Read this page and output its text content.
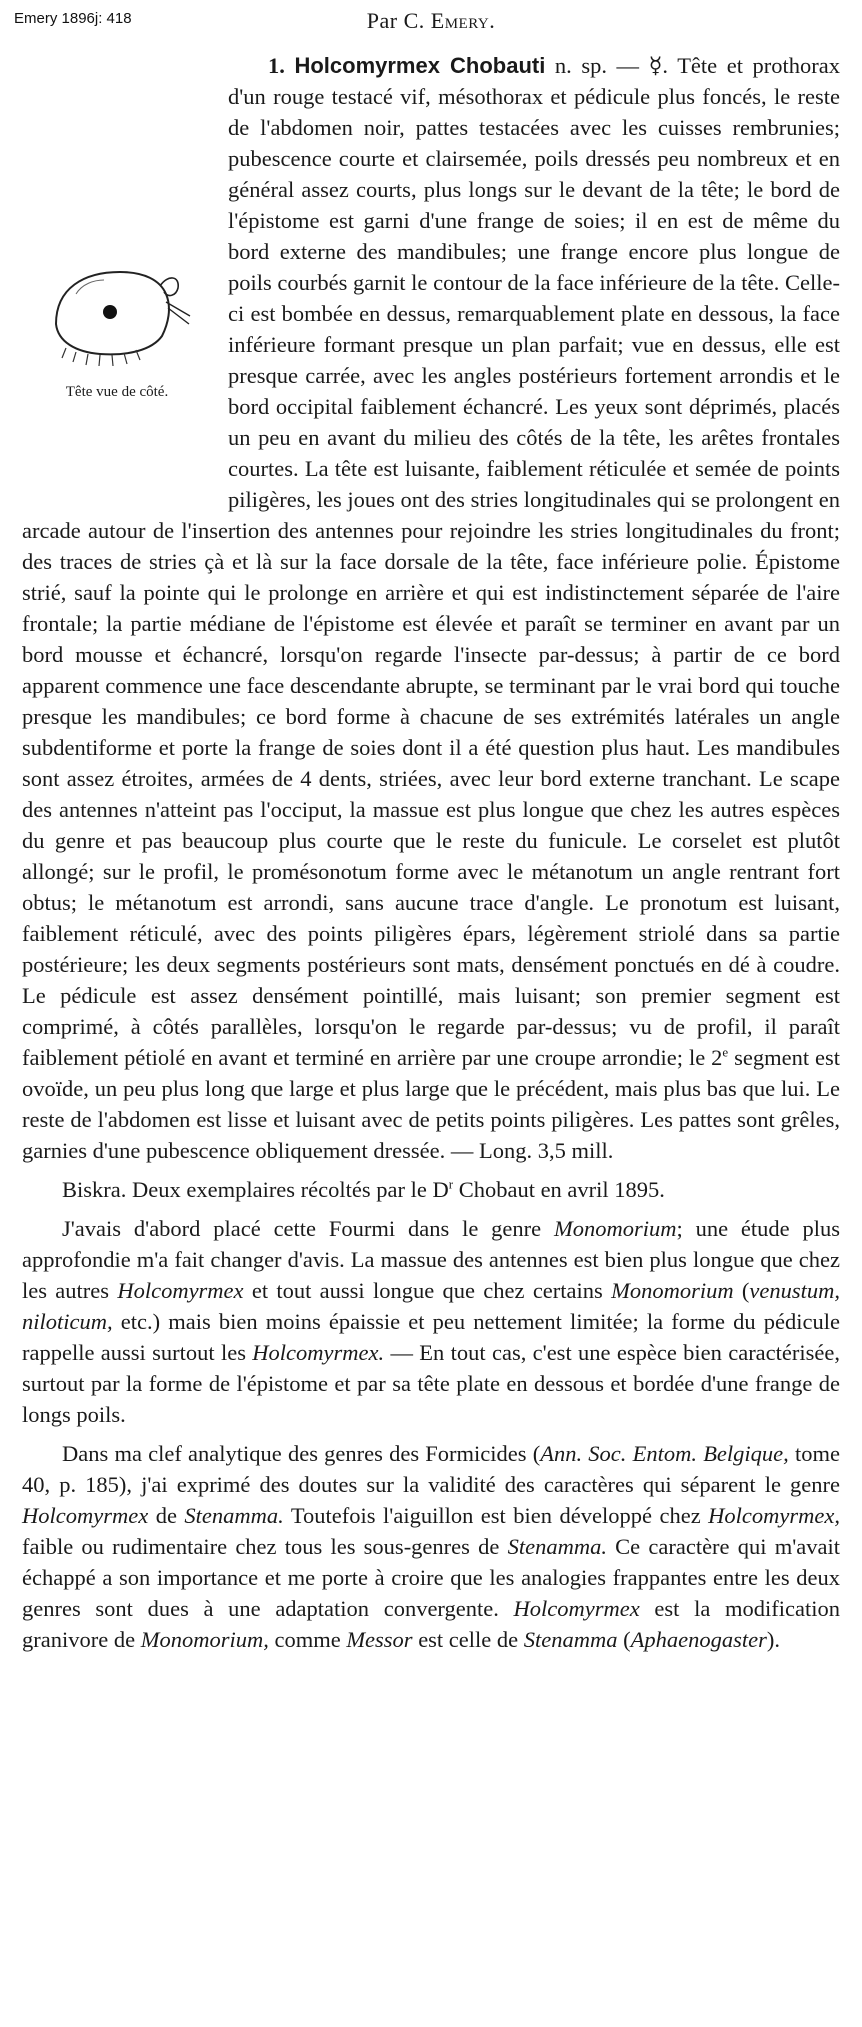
Emery 1896j: 418	Par C. Emery.
Tête vue de côté.

1. Holcomyrmex Chobauti n. sp. — ☿. Tête et prothorax d'un rouge testacé vif, mésothorax et pédicule plus foncés, le reste de l'abdomen noir, pattes testacées avec les cuisses rembrunies; pubescence courte et clairsemée, poils dressés peu nombreux et en général assez courts, plus longs sur le devant de la tête; le bord de l'épistome est garni d'une frange de soies; il en est de même du bord externe des mandibules; une frange encore plus longue de poils courbés garnit le contour de la face inférieure de la tête. Celle-ci est bombée en dessus, remarquablement plate en dessous, la face inférieure formant presque un plan parfait; vue en dessus, elle est presque carrée, avec les angles postérieurs fortement arrondis et le bord occipital faiblement échancré. Les yeux sont déprimés, placés un peu en avant du milieu des côtés de la tête, les arêtes frontales courtes. La tête est luisante, faiblement réticulée et semée de points piligères, les joues ont des stries longitudinales qui se prolongent en arcade autour de l'insertion des antennes pour rejoindre les stries longitudinales du front; des traces de stries çà et là sur la face dorsale de la tête, face inférieure polie. Épistome strié, sauf la pointe qui le prolonge en arrière et qui est indistinctement séparée de l'aire frontale; la partie médiane de l'épistome est élevée et paraît se terminer en avant par un bord mousse et échancré, lorsqu'on regarde l'insecte par-dessus; à partir de ce bord apparent commence une face descendante abrupte, se terminant par le vrai bord qui touche presque les mandibules; ce bord forme à chacune de ses extrémités latérales un angle subdentiforme et porte la frange de soies dont il a été question plus haut. Les mandibules sont assez étroites, armées de 4 dents, striées, avec leur bord externe tranchant. Le scape des antennes n'atteint pas l'occiput, la massue est plus longue que chez les autres espèces du genre et pas beaucoup plus courte que le reste du funicule. Le corselet est plutôt allongé; sur le profil, le promésonotum forme avec le métanotum un angle rentrant fort obtus; le métanotum est arrondi, sans aucune trace d'angle. Le pronotum est luisant, faiblement réticulé, avec des points piligères épars, légèrement striolé dans sa partie postérieure; les deux segments postérieurs sont mats, densément ponctués en dé à coudre. Le pédicule est assez densément pointillé, mais luisant; son premier segment est comprimé, à côtés parallèles, lorsqu'on le regarde par-dessus; vu de profil, il paraît faiblement pétiolé en avant et terminé en arrière par une croupe arrondie; le 2e segment est ovoïde, un peu plus long que large et plus large que le précédent, mais plus bas que lui. Le reste de l'abdomen est lisse et luisant avec de petits points piligères. Les pattes sont grêles, garnies d'une pubescence obliquement dressée. — Long. 3,5 mill.

Biskra. Deux exemplaires récoltés par le $D^r$ Chobaut en avril 1895.

J'avais d'abord placé cette Fourmi dans le genre Monomorium; une étude plus approfondie m'a fait changer d'avis. La massue des antennes est bien plus longue que chez les autres Holcomyrmex et tout aussi longue que chez certains Monomorium (venustum, niloticum, etc.) mais bien moins épaissie et peu nettement limitée; la forme du pédicule rappelle aussi surtout les Holcomyrmex. — En tout cas, c'est une espèce bien caractérisée, surtout par la forme de l'épistome et par sa tête plate en dessous et bordée d'une frange de longs poils.

Dans ma clef analytique des genres des Formicides (Ann. Soc. Entom. Belgique, tome 40, p. 185), j'ai exprimé des doutes sur la validité des caractères qui séparent le genre Holcomyrmex de Stenamma. Toutefois l'aiguillon est bien développé chez Holcomyrmex, faible ou rudimentaire chez tous les sous-genres de Stenamma. Ce caractère qui m'avait échappé a son importance et me porte à croire que les analogies frappantes entre les deux genres sont dues à une adaptation convergente. Holcomyrmex est la modification granivore de Monomorium, comme Messor est celle de Stenamma (Aphaenogaster).
